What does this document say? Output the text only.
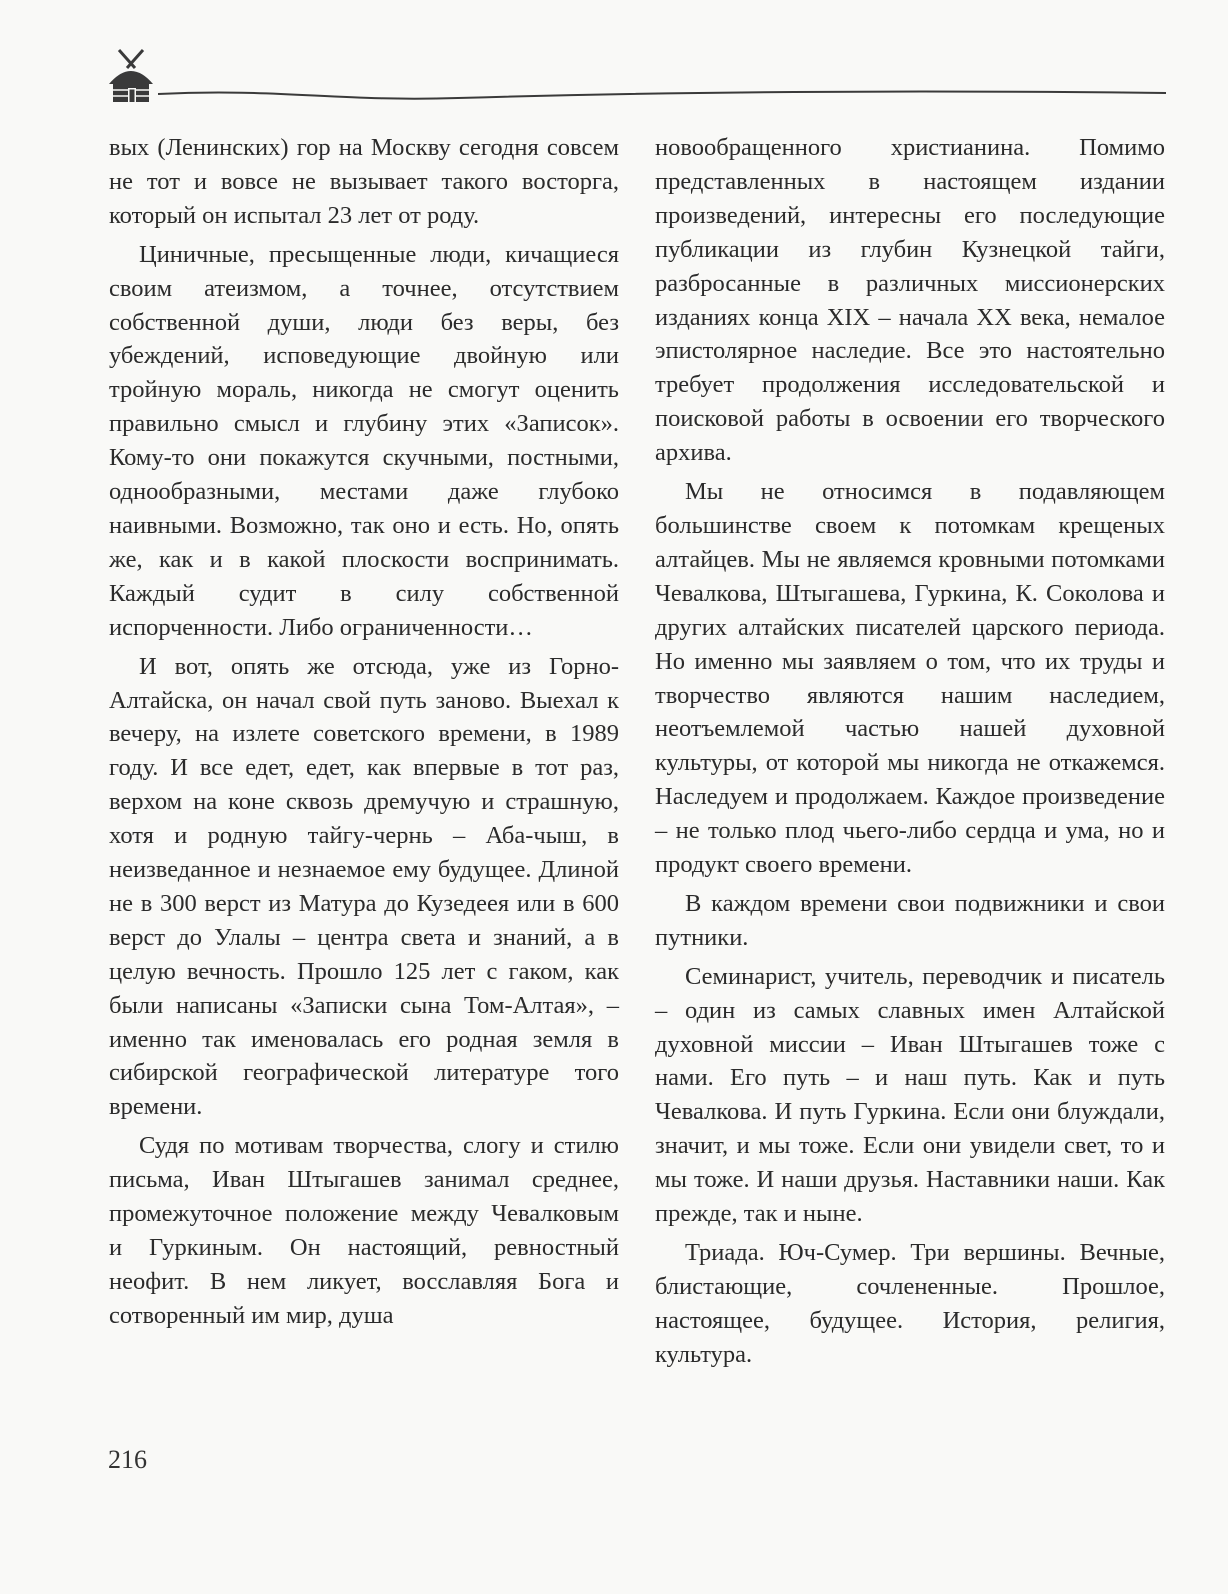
вых (Ленинских) гор на Москву сегодня совсем не тот и вовсе не вызывает такого восторга, который он испытал 23 лет от роду.

Циничные, пресыщенные люди, кичащиеся своим атеизмом, а точнее, отсутствием собственной души, люди без веры, без убеждений, исповедующие двойную или тройную мораль, никогда не смогут оценить правильно смысл и глубину этих «Записок». Кому-то они покажутся скучными, постными, однообразными, местами даже глубоко наивными. Возможно, так оно и есть. Но, опять же, как и в какой плоскости воспринимать. Каждый судит в силу собственной испорченности. Либо ограниченности…

И вот, опять же отсюда, уже из Горно-Алтайска, он начал свой путь заново. Выехал к вечеру, на излете советского времени, в 1989 году. И все едет, едет, как впервые в тот раз, верхом на коне сквозь дремучую и страшную, хотя и родную тайгу-чернь – Аба-чыш, в неизведанное и незнаемое ему будущее. Длиной не в 300 верст из Матура до Кузедеея или в 600 верст до Улалы – центра света и знаний, а в целую вечность. Прошло 125 лет с гаком, как были написаны «Записки сына Том-Алтая», – именно так именовалась его родная земля в сибирской географической литературе того времени.

Судя по мотивам творчества, слогу и стилю письма, Иван Штыгашев занимал среднее, промежуточное положение между Чевалковым и Гуркиным. Он настоящий, ревностный неофит. В нем ликует, восславляя Бога и сотворенный им мир, душа

новообращенного христианина. Помимо представленных в настоящем издании произведений, интересны его последующие публикации из глубин Кузнецкой тайги, разбросанные в различных миссионерских изданиях конца XIX – начала XX века, немалое эпистолярное наследие. Все это настоятельно требует продолжения исследовательской и поисковой работы в освоении его творческого архива.

Мы не относимся в подавляющем большинстве своем к потомкам крещеных алтайцев. Мы не являемся кровными потомками Чевалкова, Штыгашева, Гуркина, К. Соколова и других алтайских писателей царского периода. Но именно мы заявляем о том, что их труды и творчество являются нашим наследием, неотъемлемой частью нашей духовной культуры, от которой мы никогда не откажемся. Наследуем и продолжаем. Каждое произведение – не только плод чьего-либо сердца и ума, но и продукт своего времени.

В каждом времени свои подвижники и свои путники.

Семинарист, учитель, переводчик и писатель – один из самых славных имен Алтайской духовной миссии – Иван Штыгашев тоже с нами. Его путь – и наш путь. Как и путь Чевалкова. И путь Гуркина. Если они блуждали, значит, и мы тоже. Если они увидели свет, то и мы тоже. И наши друзья. Наставники наши. Как прежде, так и ныне.

Триада. Юч-Сумер. Три вершины. Вечные, блистающие, сочлененные. Прошлое, настоящее, будущее. История, религия, культура.

216
